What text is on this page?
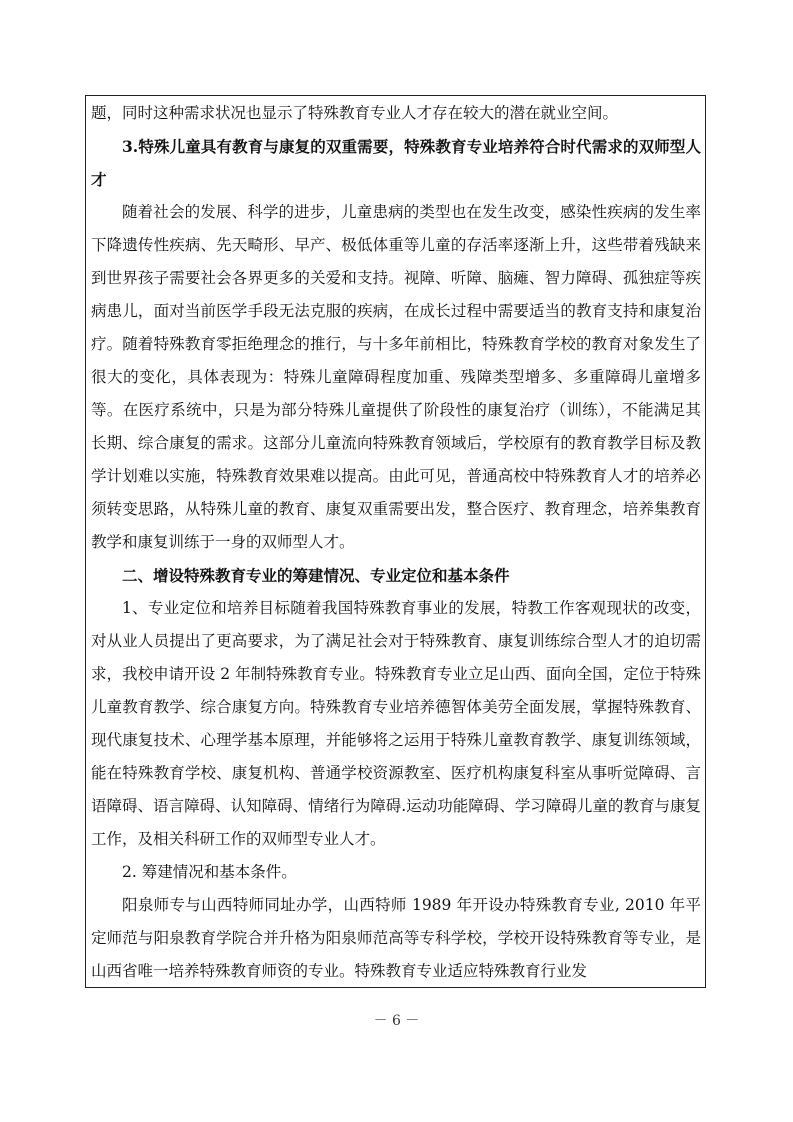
题，同时这种需求状况也显示了特殊教育专业人才存在较大的潜在就业空间。

3.特殊儿童具有教育与康复的双重需要，特殊教育专业培养符合时代需求的双师型人才

随着社会的发展、科学的进步，儿童患病的类型也在发生改变，感染性疾病的发生率下降遗传性疾病、先天畸形、早产、极低体重等儿童的存活率逐渐上升，这些带着残缺来到世界孩子需要社会各界更多的关爱和支持。视障、听障、脑瘫、智力障碍、孤独症等疾病患儿，面对当前医学手段无法克服的疾病，在成长过程中需要适当的教育支持和康复治疗。随着特殊教育零拒绝理念的推行，与十多年前相比，特殊教育学校的教育对象发生了很大的变化，具体表现为：特殊儿童障碍程度加重、残障类型增多、多重障碍儿童增多等。在医疗系统中，只是为部分特殊儿童提供了阶段性的康复治疗（训练），不能满足其长期、综合康复的需求。这部分儿童流向特殊教育领域后，学校原有的教育教学目标及教学计划难以实施，特殊教育效果难以提高。由此可见，普通高校中特殊教育人才的培养必须转变思路，从特殊儿童的教育、康复双重需要出发，整合医疗、教育理念，培养集教育教学和康复训练于一身的双师型人才。

二、增设特殊教育专业的筹建情况、专业定位和基本条件

1、专业定位和培养目标随着我国特殊教育事业的发展，特教工作客观现状的改变，对从业人员提出了更高要求，为了满足社会对于特殊教育、康复训练综合型人才的迫切需求，我校申请开设 2 年制特殊教育专业。特殊教育专业立足山西、面向全国，定位于特殊儿童教育教学、综合康复方向。特殊教育专业培养德智体美劳全面发展，掌握特殊教育、现代康复技术、心理学基本原理，并能够将之运用于特殊儿童教育教学、康复训练领域，能在特殊教育学校、康复机构、普通学校资源教室、医疗机构康复科室从事听觉障碍、言语障碍、语言障碍、认知障碍、情绪行为障碍.运动功能障碍、学习障碍儿童的教育与康复工作，及相关科研工作的双师型专业人才。

2. 筹建情况和基本条件。

阳泉师专与山西特师同址办学，山西特师 1989 年开设办特殊教育专业, 2010 年平定师范与阳泉教育学院合并升格为阳泉师范高等专科学校，学校开设特殊教育等专业，是山西省唯一培养特殊教育师资的专业。特殊教育专业适应特殊教育行业发

－ 6 －
